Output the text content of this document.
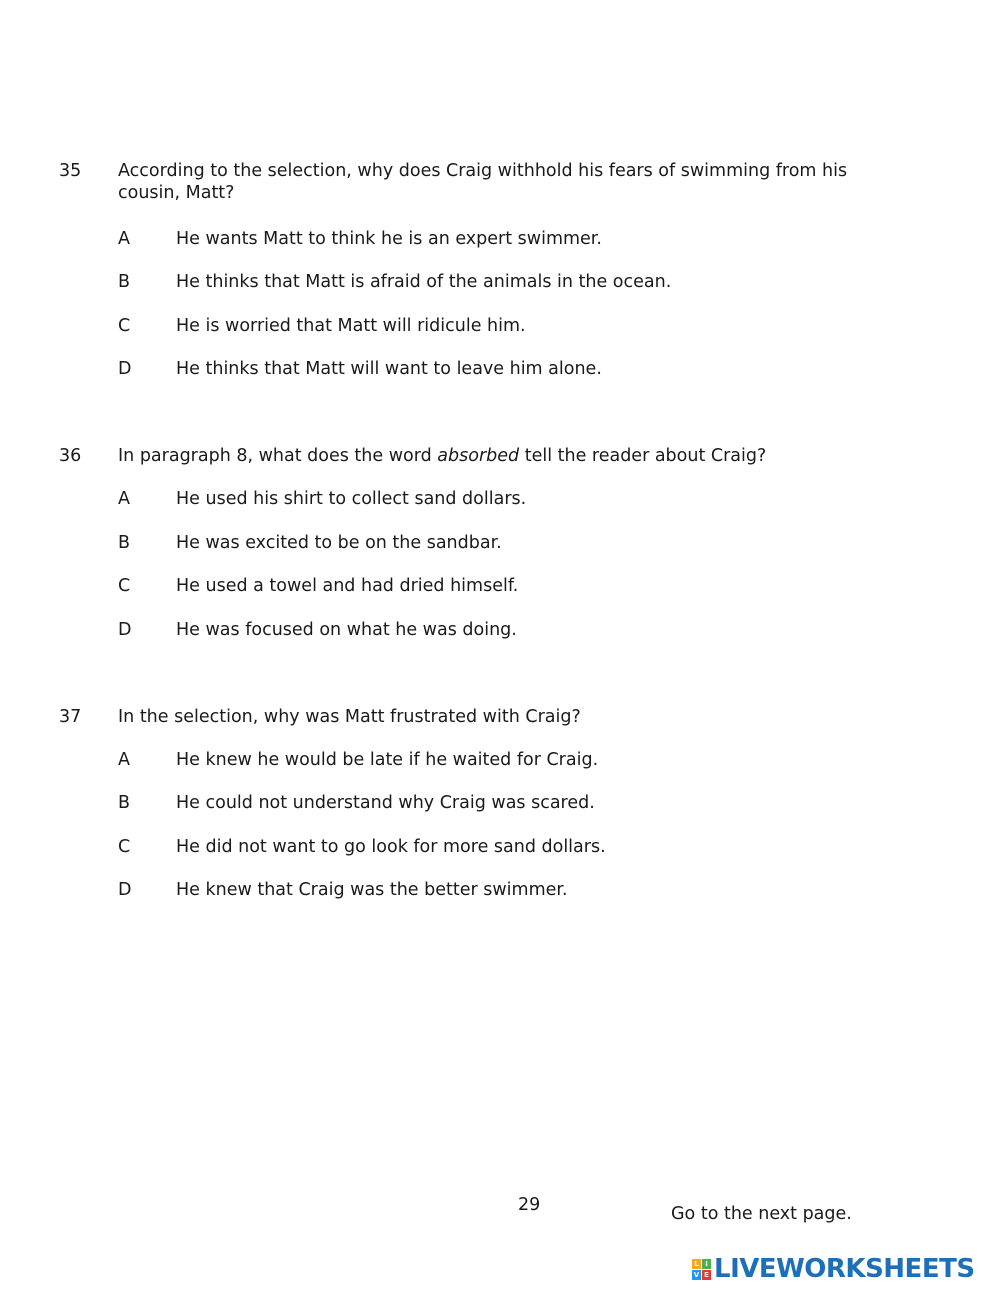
35 According to the selection, why does Craig withhold his fears of swimming from his cousin, Matt?
A	He wants Matt to think he is an expert swimmer.
B	He thinks that Matt is afraid of the animals in the ocean.
C	He is worried that Matt will ridicule him.
D	He thinks that Matt will want to leave him alone.
36 In paragraph 8, what does the word absorbed tell the reader about Craig?
A	He used his shirt to collect sand dollars.
B	He was excited to be on the sandbar.
C	He used a towel and had dried himself.
D	He was focused on what he was doing.
37 In the selection, why was Matt frustrated with Craig?
A	He knew he would be late if he waited for Craig.
B	He could not understand why Craig was scared.
C	He did not want to go look for more sand dollars.
D	He knew that Craig was the better swimmer.
29	Go to the next page.
L I
V E LIVEWORKSHEETS
